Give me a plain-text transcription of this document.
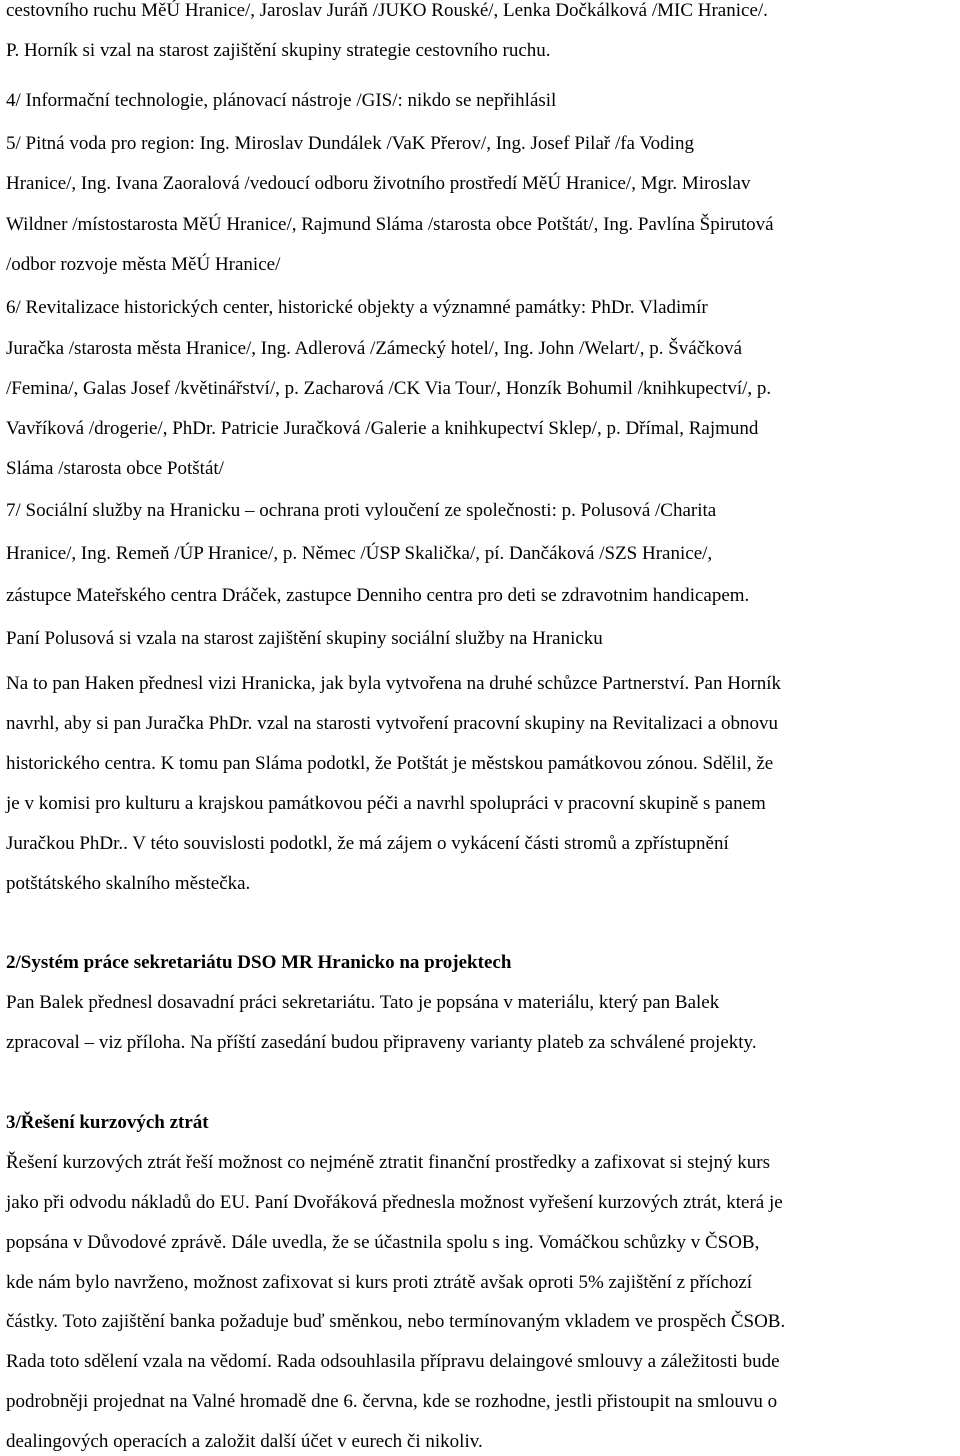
cestovního ruchu MěÚ Hranice/, Jaroslav Juráň /JUKO Rouské/, Lenka Dočkálková /MIC Hranice/.
P. Horník si vzal na starost zajištění skupiny strategie cestovního ruchu.
4/ Informační technologie, plánovací nástroje /GIS/: nikdo se nepřihlásil
5/ Pitná voda pro region: Ing. Miroslav Dundálek /VaK Přerov/, Ing. Josef Pilař /fa Voding
Hranice/, Ing. Ivana Zaoralová /vedoucí odboru životního prostředí MěÚ Hranice/, Mgr. Miroslav
Wildner /místostarosta MěÚ Hranice/, Rajmund Sláma /starosta obce Potštát/, Ing. Pavlína Špirutová
/odbor rozvoje města MěÚ Hranice/
6/ Revitalizace historických center, historické objekty a významné památky: PhDr. Vladimír
Juračka /starosta města Hranice/, Ing. Adlerová /Zámecký hotel/, Ing. John /Welart/, p. Šváčková
/Femina/, Galas Josef /květinářství/, p. Zacharová /CK Via Tour/, Honzík Bohumil /knihkupectví/, p.
Vavříková /drogerie/, PhDr. Patricie Juračková /Galerie a knihkupectví Sklep/, p. Dřímal, Rajmund
Sláma /starosta obce Potštát/
7/ Sociální služby na Hranicku – ochrana proti vyloučení ze společnosti: p. Polusová /Charita
Hranice/, Ing. Remeň /ÚP Hranice/, p. Němec /ÚSP Skalička/, pí. Dančáková /SZS Hranice/,
zástupce Mateřského centra Dráček, zastupce Denniho centra pro deti se zdravotnim handicapem.
Paní Polusová si vzala na starost zajištění skupiny sociální služby na Hranicku
Na to pan Haken přednesl vizi Hranicka, jak byla vytvořena na druhé schůzce Partnerství. Pan Horník
navrhl, aby si pan Juračka PhDr. vzal na starosti vytvoření pracovní skupiny na Revitalizaci a obnovu
historického centra. K tomu pan Sláma podotkl, že Potštát je městskou památkovou zónou. Sdělil, že
je v komisi pro kulturu a krajskou památkovou péči a navrhl spolupráci v pracovní skupině s panem
Juračkou PhDr.. V této souvislosti podotkl, že má zájem o vykácení části stromů a zpřístupnění
potštátského skalního městečka.
2/Systém práce sekretariátu DSO MR Hranicko na projektech
Pan Balek přednesl dosavadní práci sekretariátu. Tato je popsána v materiálu, který pan Balek
zpracoval – viz příloha. Na příští zasedání budou připraveny varianty plateb za schválené projekty.
3/Řešení kurzových ztrát
Řešení kurzových ztrát řeší možnost co nejméně ztratit finanční prostředky a zafixovat si stejný kurs
jako při odvodu nákladů do EU. Paní Dvořáková přednesla možnost vyřešení kurzových ztrát, která je
popsána v Důvodové zprávě. Dále uvedla, že se účastnila spolu s ing. Vomáčkou schůzky v ČSOB,
kde nám bylo navrženo, možnost zafixovat si kurs proti ztrátě avšak oproti 5% zajištění z příchozí
částky. Toto zajištění banka požaduje buď směnkou, nebo termínovaným vkladem ve prospěch ČSOB.
Rada toto sdělení vzala na vědomí. Rada odsouhlasila přípravu delaingové smlouvy a záležitosti bude
podrobněji projednat na Valné hromadě dne 6. června, kde se rozhodne, jestli přistoupit na smlouvu o
dealingových operacích a založit další účet v eurech či nikoliv.
